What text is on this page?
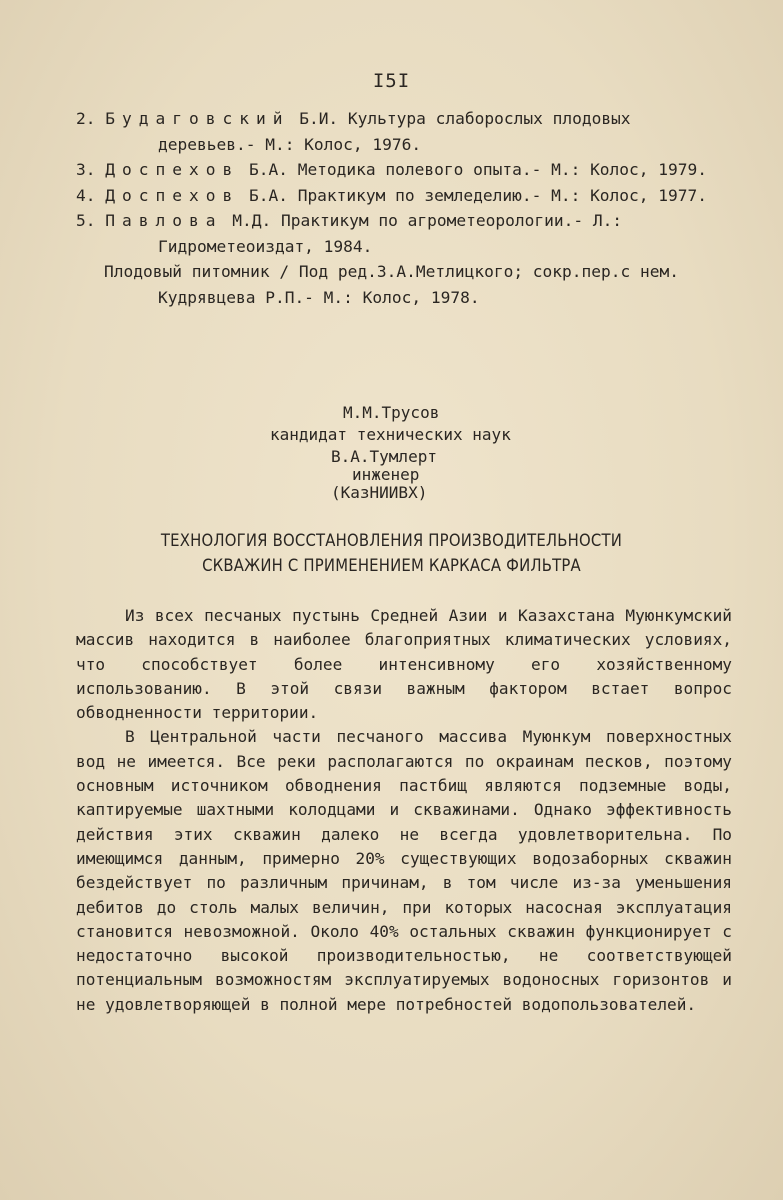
I5I
2. Будаговский Б.И. Культура слаборослых плодовых деревьев.- М.: Колос, 1976.
3. Доспехов Б.А. Методика полевого опыта.- М.: Колос, 1979.
4. Доспехов Б.А. Практикум по земледелию.- М.: Колос, 1977.
5. Павлова М.Д. Практикум по агрометеорологии.- Л.: Гидрометеоиздат, 1984.
Плодовый питомник / Под ред.З.А.Метлицкого; сокр.пер.с нем. Кудрявцева Р.П.- М.: Колос, 1978.
М.М.Трусов
кандидат технических наук
В.А.Тумлерт
инженер
(КазНИИВХ)
ТЕХНОЛОГИЯ ВОССТАНОВЛЕНИЯ ПРОИЗВОДИТЕЛЬНОСТИ
СКВАЖИН С ПРИМЕНЕНИЕМ КАРКАСА ФИЛЬТРА

Из всех песчаных пустынь Средней Азии и Казахстана Муюнкумский массив находится в наиболее благоприятных климатических условиях, что способствует более интенсивному его хозяйственному использованию. В этой связи важным фактором встает вопрос обводненности территории.

В Центральной части песчаного массива Муюнкум поверхностных вод не имеется. Все реки располагаются по окраинам песков, поэтому основным источником обводнения пастбищ являются подземные воды, каптируемые шахтными колодцами и скважинами. Однако эффективность действия этих скважин далеко не всегда удовлетворительна. По имеющимся данным, примерно 20% существующих водозаборных скважин бездействует по различным причинам, в том числе из-за уменьшения дебитов до столь малых величин, при которых насосная эксплуатация становится невозможной. Около 40% остальных скважин функционирует с недостаточно высокой производительностью, не соответствующей потенциальным возможностям эксплуатируемых водоносных горизонтов и не удовлетворяющей в полной мере потребностей водопользователей.
